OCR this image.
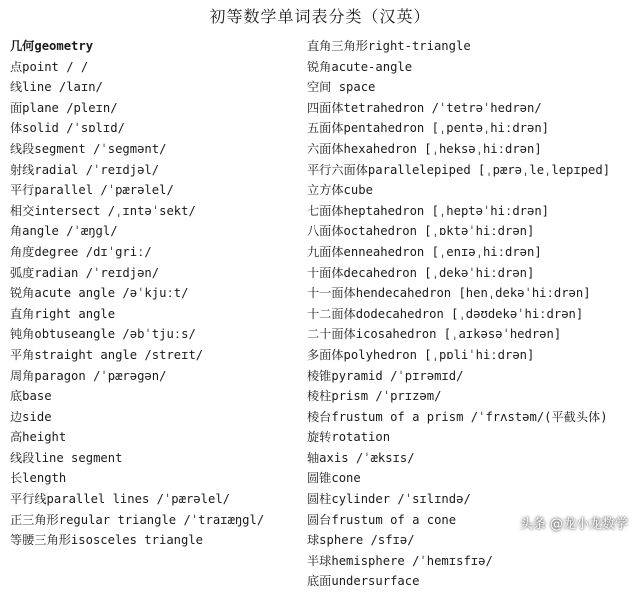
初等数学单词表分类（汉英）
几何geometry
点point / /
线line /laɪn/
面plane /pleɪn/
体solid /ˈsɒlɪd/
线段segment /ˈsegmənt/
射线radial /ˈreɪdjəl/
平行parallel /ˈpærəlel/
相交intersect /ˌɪntəˈsekt/
角angle /ˈæŋgl/
角度degree /dɪˈgriː/
弧度radian /ˈreɪdjən/
锐角acute angle /əˈkjuːt/
直角right angle
钝角obtuseangle /əbˈtjuːs/
平角straight angle /streɪt/
周角paragon /ˈpærəgən/
底base
边side
高height
线段line segment
长length
平行线parallel lines /ˈpærəlel/
正三角形regular triangle /ˈtraɪæŋgl/
等腰三角形isosceles triangle
直角三角形right-triangle
锐角acute-angle
空间 space
四面体tetrahedron /ˈtetrəˈhedrən/
五面体pentahedron [ˌpentəˌhiːdrən]
六面体hexahedron [ˌheksəˌhiːdrən]
平行六面体parallelepiped [ˌpærəˌleˌlepɪped]
立方体cube
七面体heptahedron [ˌheptəˈhiːdrən]
八面体octahedron [ˌɒktəˈhiːdrən]
九面体enneahedron [ˌenɪəˌhiːdrən]
十面体decahedron [ˌdekəˈhiːdrən]
十一面体hendecahedron [henˌdekəˈhiːdrən]
十二面体dodecahedron [ˌdəʊdekəˈhiːdrən]
二十面体icosahedron [ˌaɪkəsəˈhedrən]
多面体polyhedron [ˌpɒliˈhiːdrən]
棱锥pyramid /ˈpɪrəmɪd/
棱柱prism /ˈprɪzəm/
棱台frustum of a prism /ˈfrʌstəm/(平截头体)
旋转rotation
轴axis /ˈæksɪs/
圆锥cone
圆柱cylinder /ˈsɪlɪndə/
圆台frustum of a cone
球sphere /sfɪə/
半球hemisphere /ˈhemɪsfɪə/
底面undersurface
头条 @龙小龙数学
